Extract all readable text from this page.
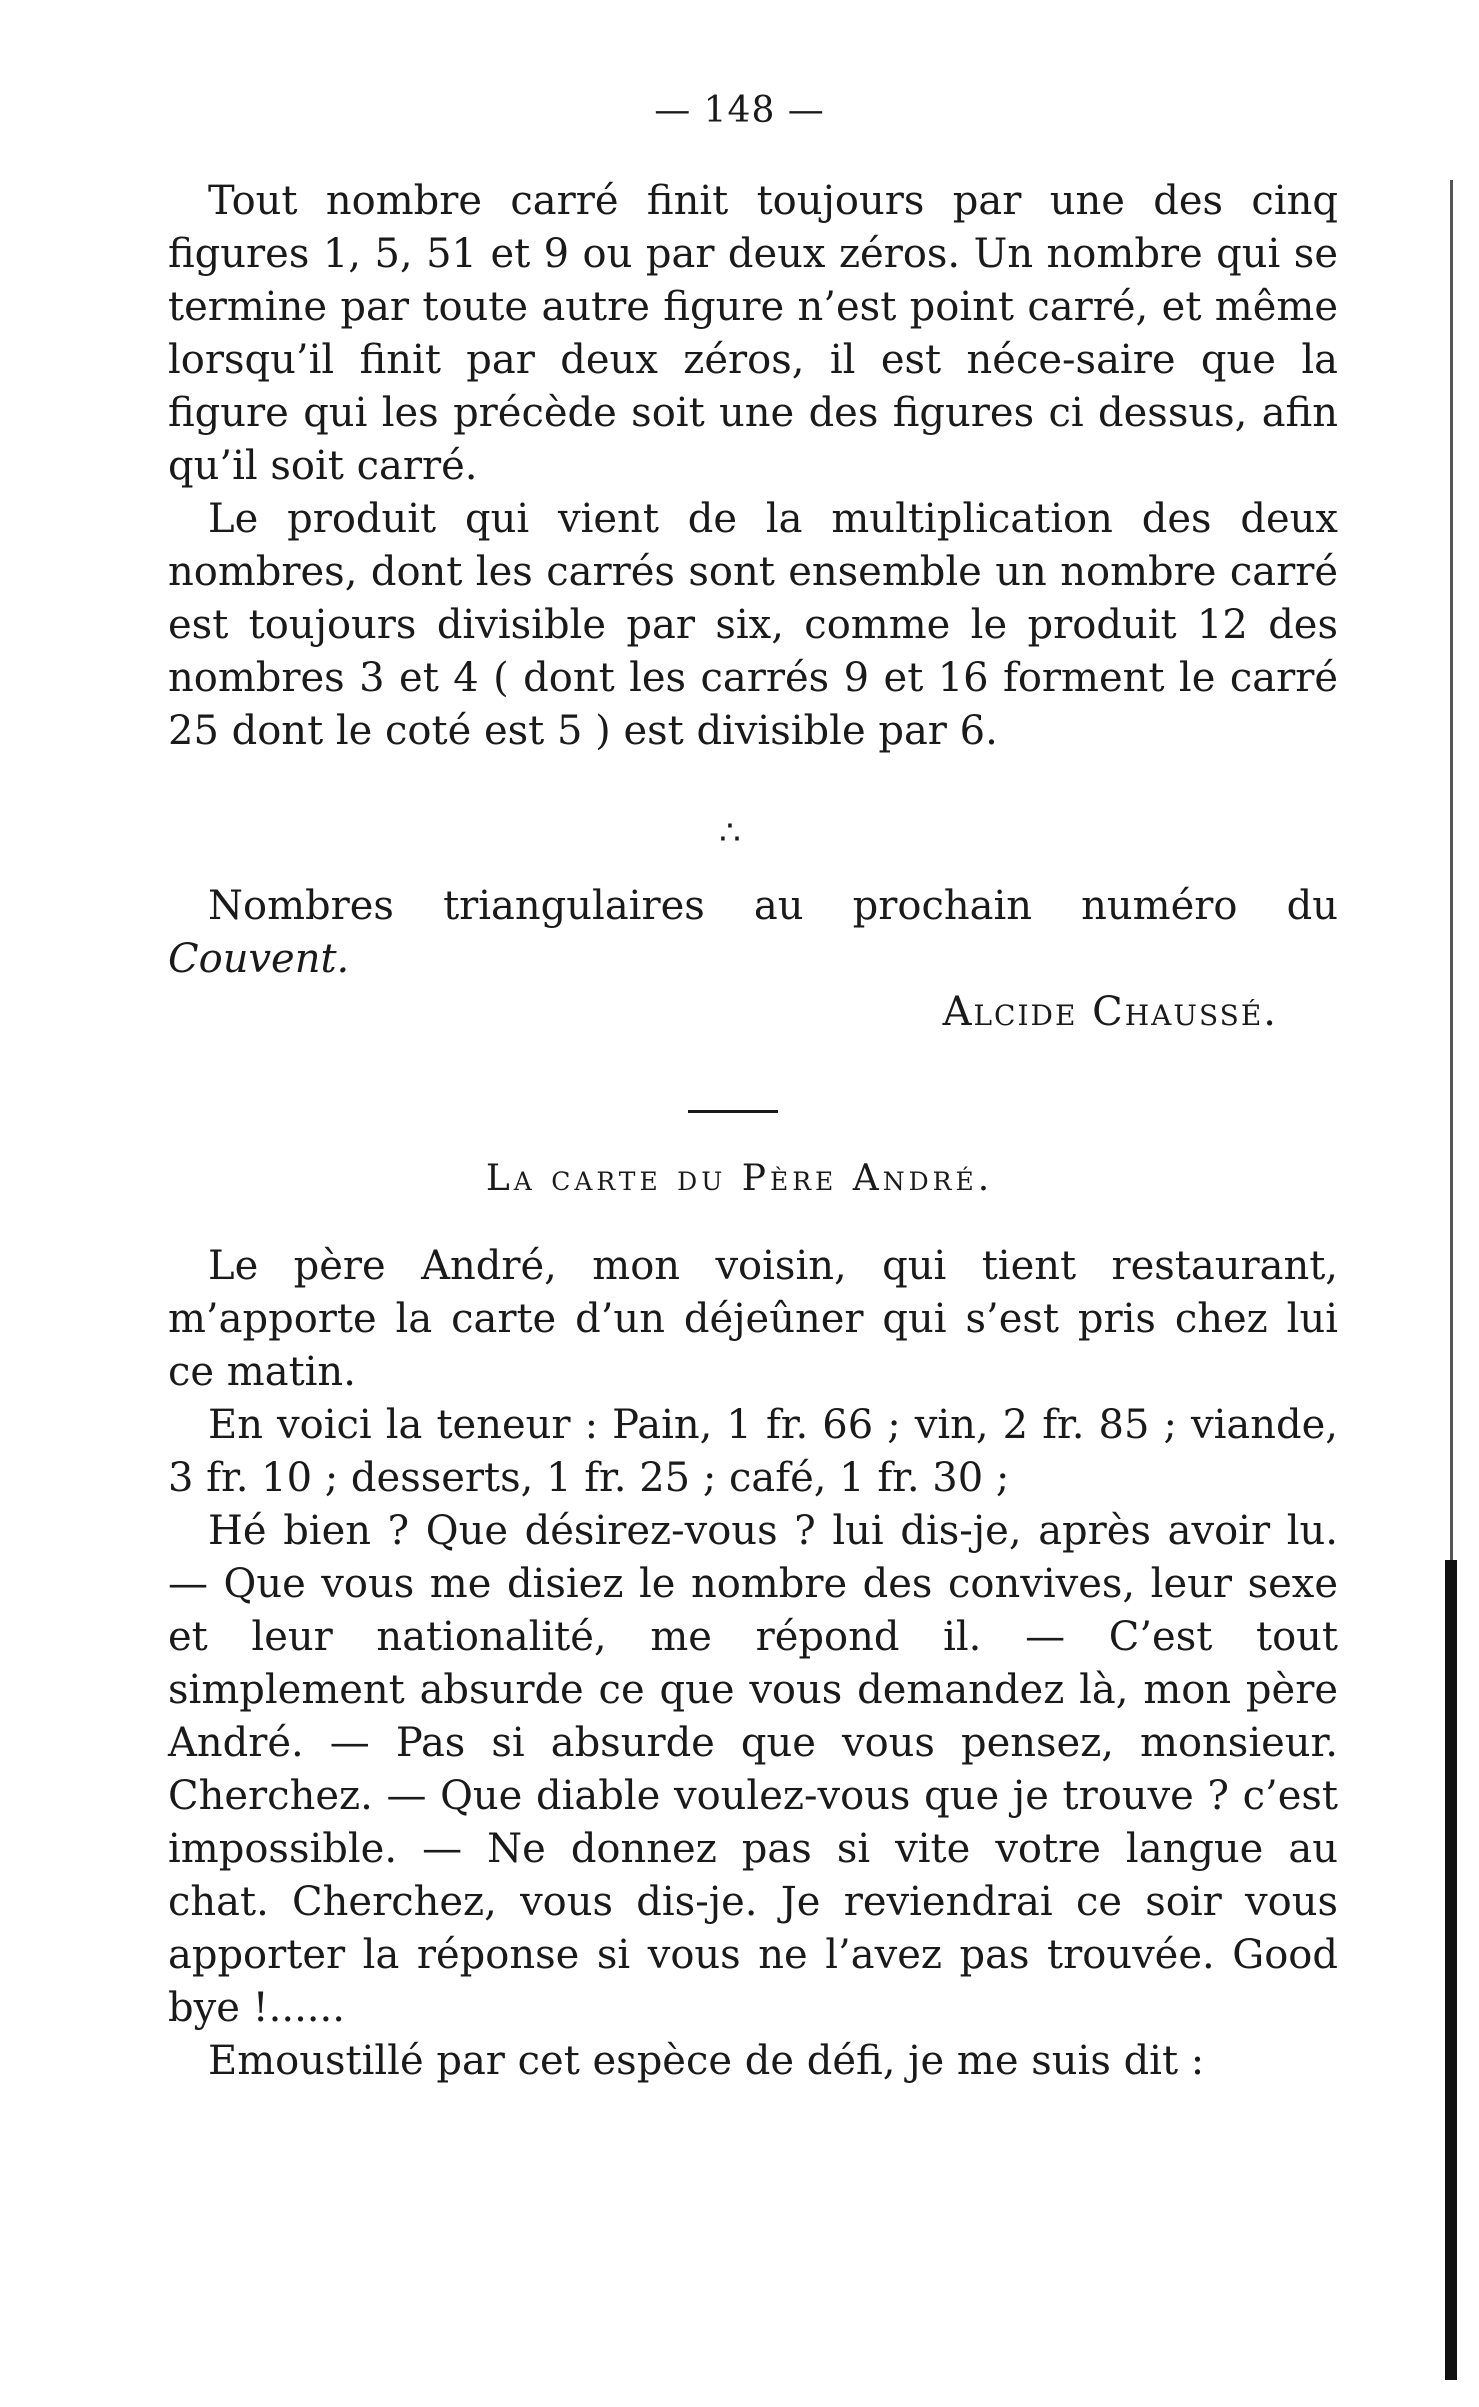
— 148 —

Tout nombre carré finit toujours par une des cinq figures 1, 5, 51 et 9 ou par deux zéros. Un nombre qui se termine par toute autre figure n’est point carré, et même lorsqu’il finit par deux zéros, il est néce-saire que la figure qui les précède soit une des figures ci dessus, afin qu’il soit carré.

Le produit qui vient de la multiplication des deux nombres, dont les carrés sont ensemble un nombre carré est toujours divisible par six, comme le produit 12 des nombres 3 et 4 ( dont les carrés 9 et 16 forment le carré 25 dont le coté est 5 ) est divisible par 6.

∴

Nombres triangulaires au prochain numéro du Couvent.

Alcide Chaussé.
La carte du Père André.

Le père André, mon voisin, qui tient restaurant, m’apporte la carte d’un déjeûner qui s’est pris chez lui ce matin.

En voici la teneur : Pain, 1 fr. 66 ; vin, 2 fr. 85 ; viande, 3 fr. 10 ; desserts, 1 fr. 25 ; café, 1 fr. 30 ;

Hé bien ? Que désirez-vous ? lui dis-je, après avoir lu. — Que vous me disiez le nombre des convives, leur sexe et leur nationalité, me répond il. — C’est tout simplement absurde ce que vous demandez là, mon père André. — Pas si absurde que vous pensez, monsieur. Cherchez. — Que diable voulez-vous que je trouve ? c’est impossible. — Ne donnez pas si vite votre langue au chat. Cherchez, vous dis-je. Je reviendrai ce soir vous apporter la réponse si vous ne l’avez pas trouvée. Good bye !......

Emoustillé par cet espèce de défi, je me suis dit :
